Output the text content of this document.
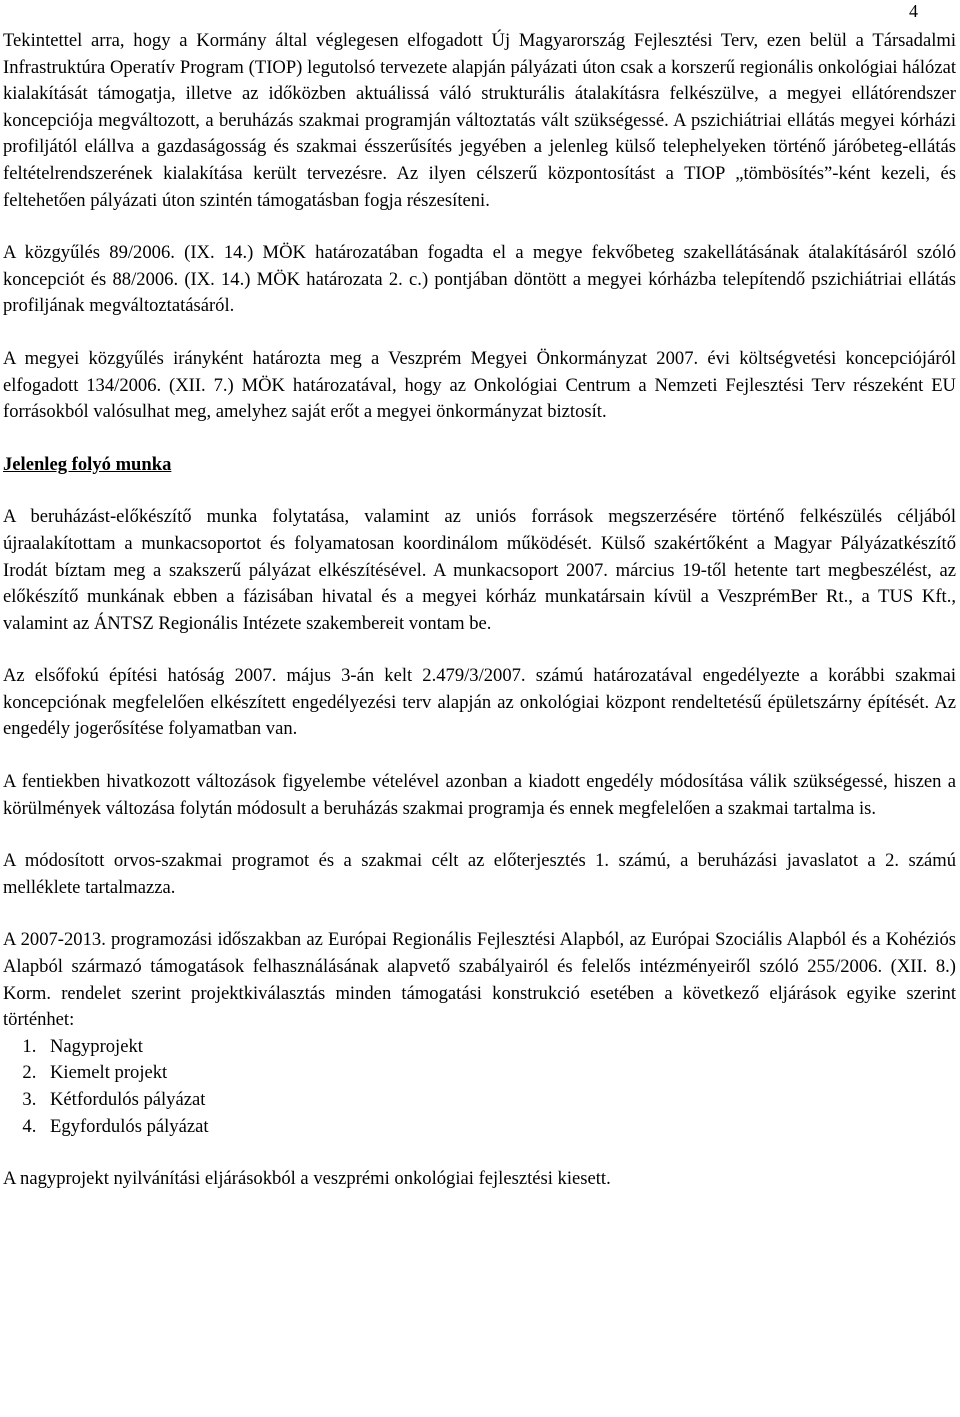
4

Tekintettel arra, hogy a Kormány által véglegesen elfogadott Új Magyarország Fejlesztési Terv, ezen belül a Társadalmi Infrastruktúra Operatív Program (TIOP) legutolsó tervezete alapján pályázati úton csak a korszerű regionális onkológiai hálózat kialakítását támogatja, illetve az időközben aktuálissá váló strukturális átalakításra felkészülve, a megyei ellátórendszer koncepciója megváltozott, a beruházás szakmai programján változtatás vált szükségessé. A pszichiátriai ellátás megyei kórházi profiljától elállva a gazdaságosság és szakmai ésszerűsítés jegyében a jelenleg külső telephelyeken történő járóbeteg-ellátás feltételrendszerének kialakítása került tervezésre. Az ilyen célszerű központosítást a TIOP „tömbösítés”-ként kezeli, és feltehetően pályázati úton szintén támogatásban fogja részesíteni.

A közgyűlés 89/2006. (IX. 14.) MÖK határozatában fogadta el a megye fekvőbeteg szakellátásának átalakításáról szóló koncepciót és 88/2006. (IX. 14.) MÖK határozata 2. c.) pontjában döntött a megyei kórházba telepítendő pszichiátriai ellátás profiljának megváltoztatásáról.

A megyei közgyűlés irányként határozta meg a Veszprém Megyei Önkormányzat 2007. évi költségvetési koncepciójáról elfogadott 134/2006. (XII. 7.) MÖK határozatával, hogy az Onkológiai Centrum a Nemzeti Fejlesztési Terv részeként EU forrásokból valósulhat meg, amelyhez saját erőt a megyei önkormányzat biztosít.

Jelenleg folyó munka

A beruházást-előkészítő munka folytatása, valamint az uniós források megszerzésére történő felkészülés céljából újraalakítottam a munkacsoportot és folyamatosan koordinálom működését. Külső szakértőként a Magyar Pályázatkészítő Irodát bíztam meg a szakszerű pályázat elkészítésével. A munkacsoport 2007. március 19-től hetente tart megbeszélést, az előkészítő munkának ebben a fázisában hivatal és a megyei kórház munkatársain kívül a VeszprémBer Rt., a TUS Kft., valamint az ÁNTSZ Regionális Intézete szakembereit vontam be.

Az elsőfokú építési hatóság 2007. május 3-án kelt 2.479/3/2007. számú határozatával engedélyezte a korábbi szakmai koncepciónak megfelelően elkészített engedélyezési terv alapján az onkológiai központ rendeltetésű épületszárny építését. Az engedély jogerősítése folyamatban van.

A fentiekben hivatkozott változások figyelembe vételével azonban a kiadott engedély módosítása válik szükségessé, hiszen a körülmények változása folytán módosult a beruházás szakmai programja és ennek megfelelően a szakmai tartalma is.

A módosított orvos-szakmai programot és a szakmai célt az előterjesztés 1. számú, a beruházási javaslatot a 2. számú melléklete tartalmazza.

A 2007-2013. programozási időszakban az Európai Regionális Fejlesztési Alapból, az Európai Szociális Alapból és a Kohéziós Alapból származó támogatások felhasználásának alapvető szabályairól és felelős intézményeiről szóló 255/2006. (XII. 8.) Korm. rendelet szerint projektkiválasztás minden támogatási konstrukció esetében a következő eljárások egyike szerint történhet:

1. Nagyprojekt
2. Kiemelt projekt
3. Kétfordulós pályázat
4. Egyfordulós pályázat

A nagyprojekt nyilvánítási eljárásokból a veszprémi onkológiai fejlesztési kiesett.
